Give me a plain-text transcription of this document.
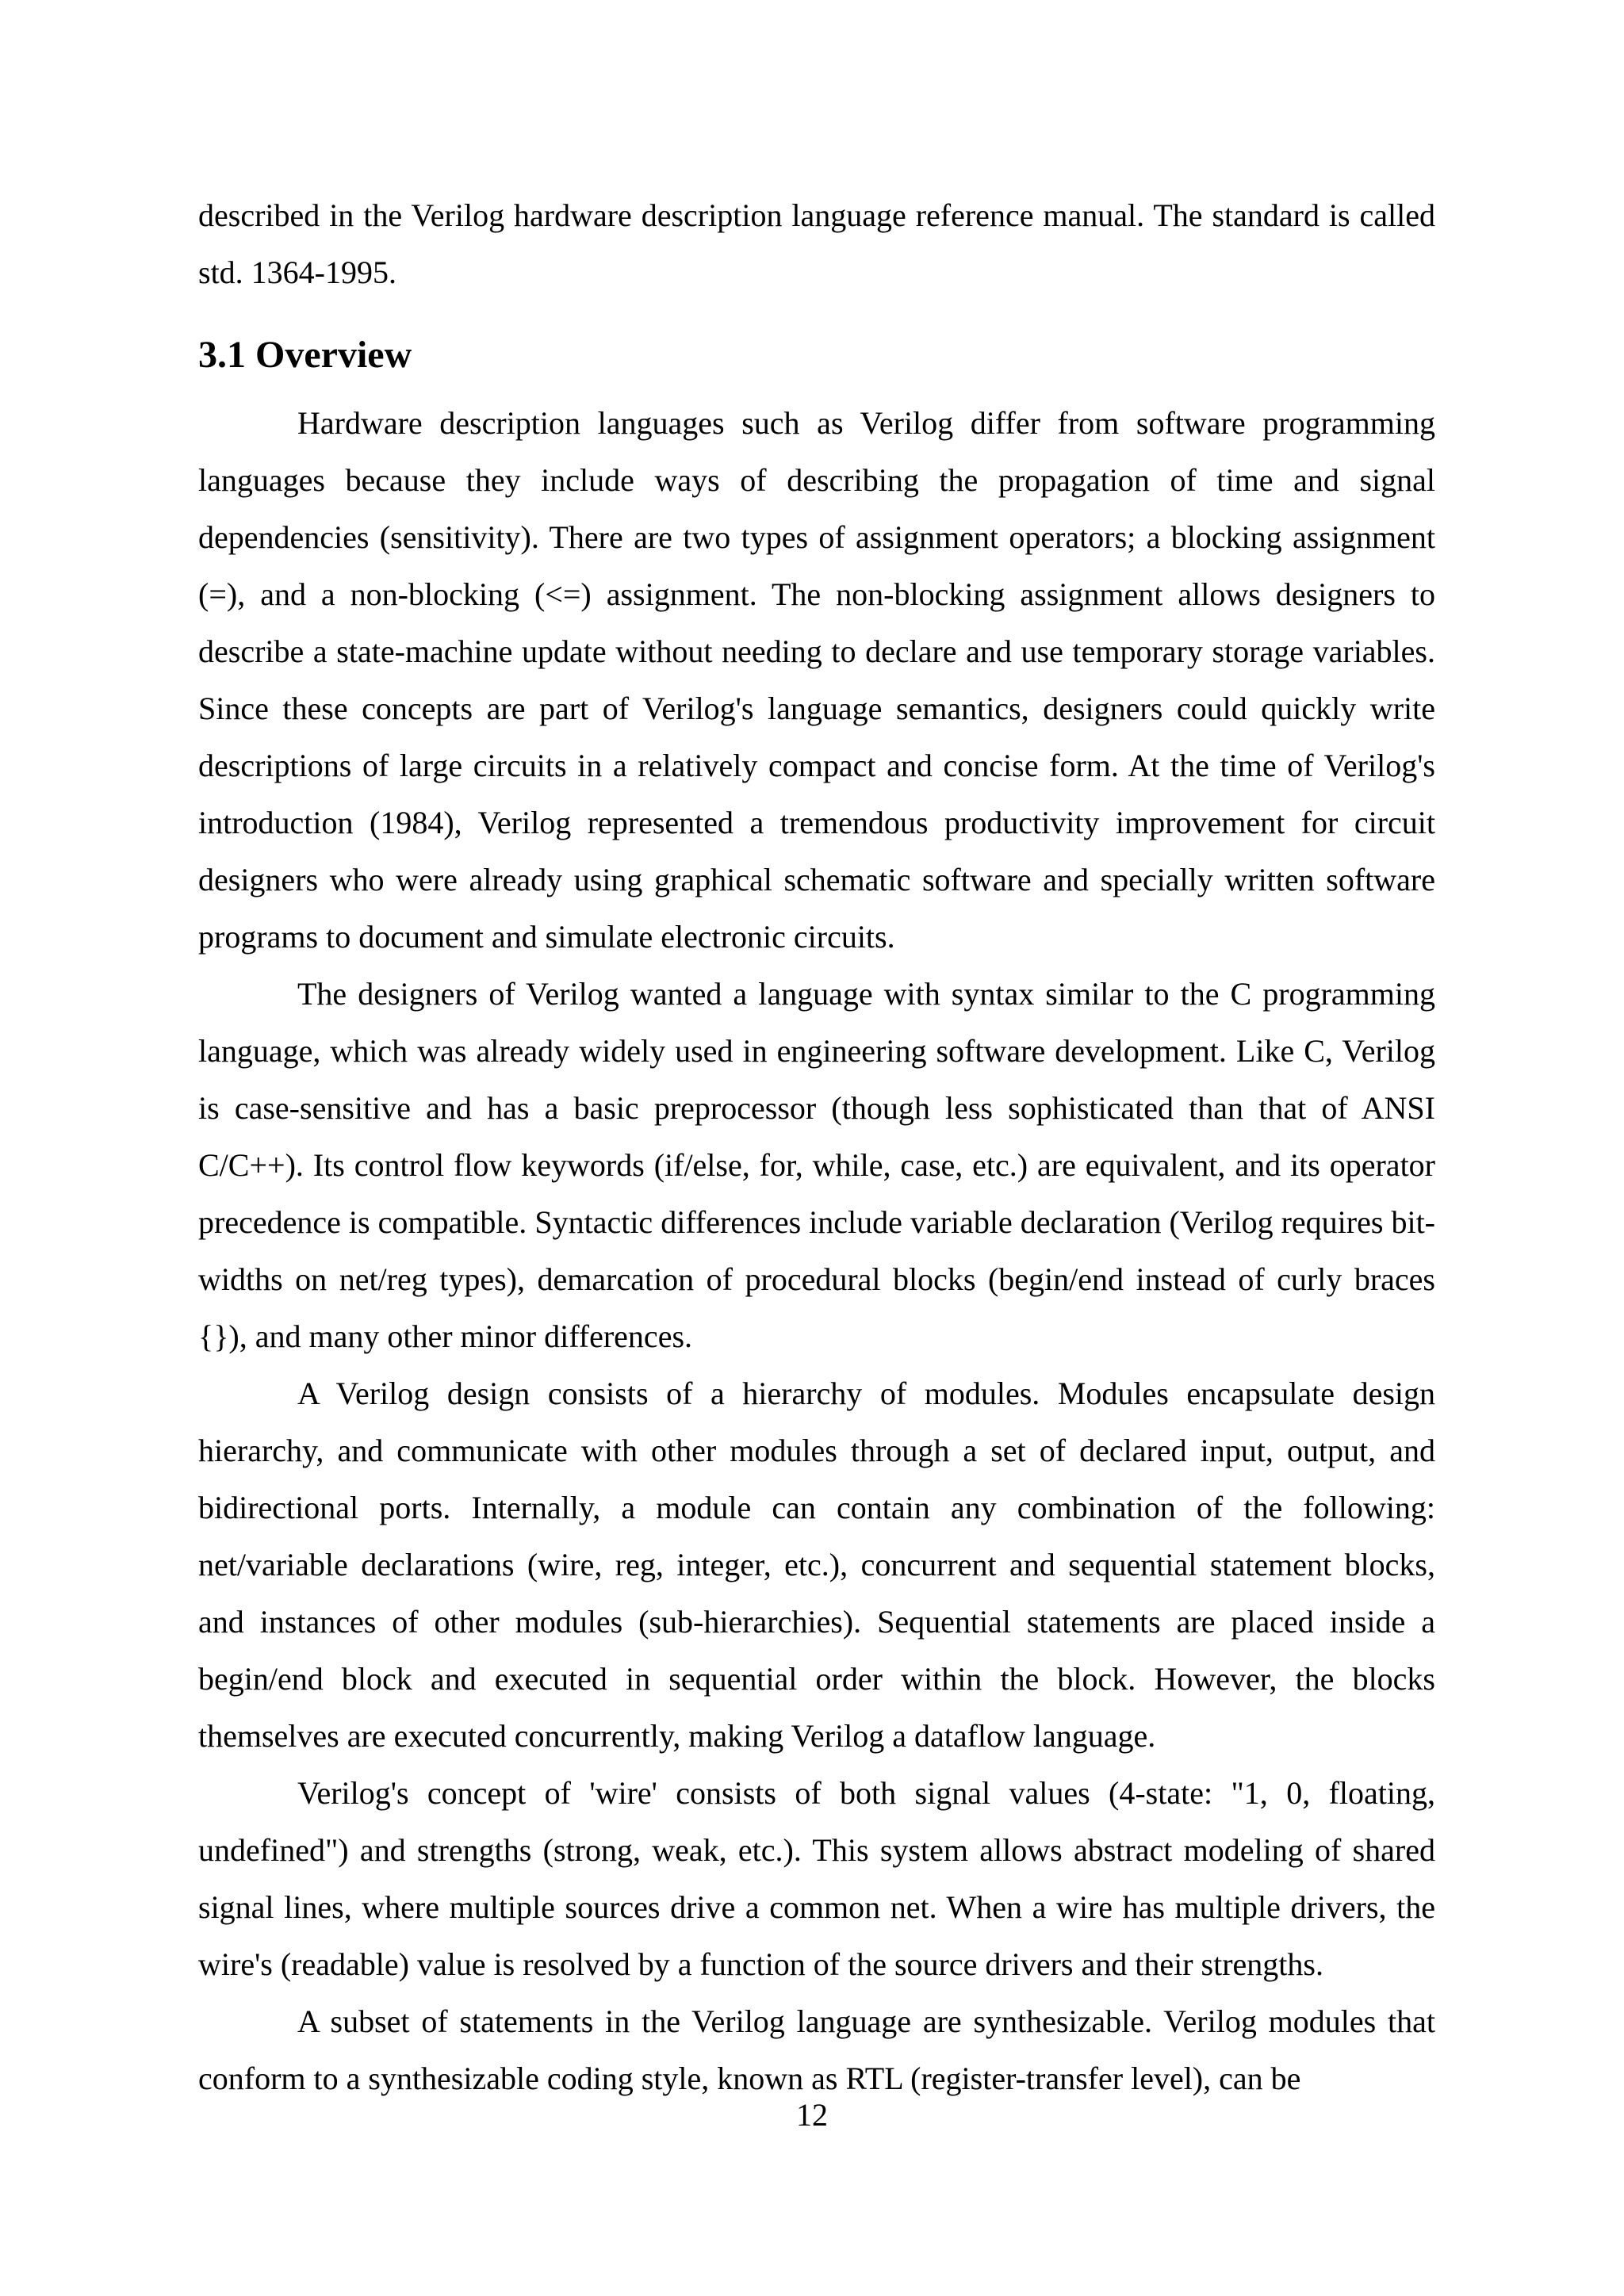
described in the Verilog hardware description language reference manual. The standard is called std. 1364-1995.

3.1 Overview

Hardware description languages such as Verilog differ from software programming languages because they include ways of describing the propagation of time and signal dependencies (sensitivity). There are two types of assignment operators; a blocking assignment (=), and a non-blocking (<=) assignment. The non-blocking assignment allows designers to describe a state-machine update without needing to declare and use temporary storage variables. Since these concepts are part of Verilog's language semantics, designers could quickly write descriptions of large circuits in a relatively compact and concise form. At the time of Verilog's introduction (1984), Verilog represented a tremendous productivity improvement for circuit designers who were already using graphical schematic software and specially written software programs to document and simulate electronic circuits.

The designers of Verilog wanted a language with syntax similar to the C programming language, which was already widely used in engineering software development. Like C, Verilog is case-sensitive and has a basic preprocessor (though less sophisticated than that of ANSI C/C++). Its control flow keywords (if/else, for, while, case, etc.) are equivalent, and its operator precedence is compatible. Syntactic differences include variable declaration (Verilog requires bit-widths on net/reg types), demarcation of procedural blocks (begin/end instead of curly braces {}), and many other minor differences.

A Verilog design consists of a hierarchy of modules. Modules encapsulate design hierarchy, and communicate with other modules through a set of declared input, output, and bidirectional ports. Internally, a module can contain any combination of the following: net/variable declarations (wire, reg, integer, etc.), concurrent and sequential statement blocks, and instances of other modules (sub-hierarchies). Sequential statements are placed inside a begin/end block and executed in sequential order within the block. However, the blocks themselves are executed concurrently, making Verilog a dataflow language.

Verilog's concept of 'wire' consists of both signal values (4-state: "1, 0, floating, undefined") and strengths (strong, weak, etc.). This system allows abstract modeling of shared signal lines, where multiple sources drive a common net. When a wire has multiple drivers, the wire's (readable) value is resolved by a function of the source drivers and their strengths.

A subset of statements in the Verilog language are synthesizable. Verilog modules that conform to a synthesizable coding style, known as RTL (register-transfer level), can be

12
